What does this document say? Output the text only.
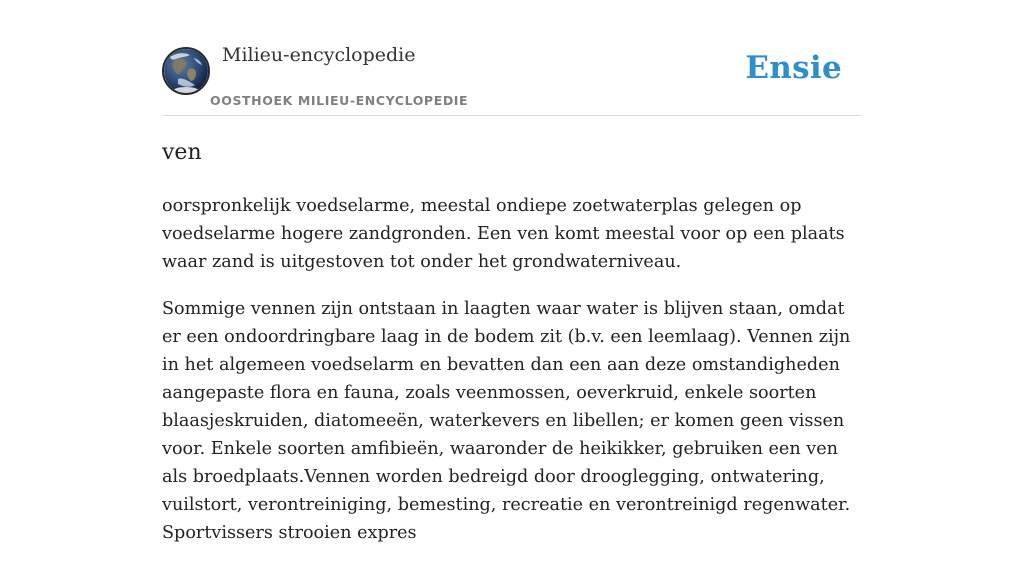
Milieu-encyclopedie
OOSTHOEK MILIEU-ENCYCLOPEDIE
Ensie
ven

oorspronkelijk voedselarme, meestal ondiepe zoetwaterplas gelegen op voedselarme hogere zandgronden. Een ven komt meestal voor op een plaats waar zand is uitgestoven tot onder het grondwaterniveau.

Sommige vennen zijn ontstaan in laagten waar water is blijven staan, omdat er een ondoordringbare laag in de bodem zit (b.v. een leemlaag). Vennen zijn in het algemeen voedselarm en bevatten dan een aan deze omstandigheden aangepaste flora en fauna, zoals veenmossen, oeverkruid, enkele soorten blaasjeskruiden, diatomeeën, waterkevers en libellen; er komen geen vissen voor. Enkele soorten amfibieën, waaronder de heikikker, gebruiken een ven als broedplaats.Vennen worden bedreigd door drooglegging, ontwatering, vuilstort, verontreiniging, bemesting, recreatie en verontreinigd regenwater. Sportvissers strooien expres
